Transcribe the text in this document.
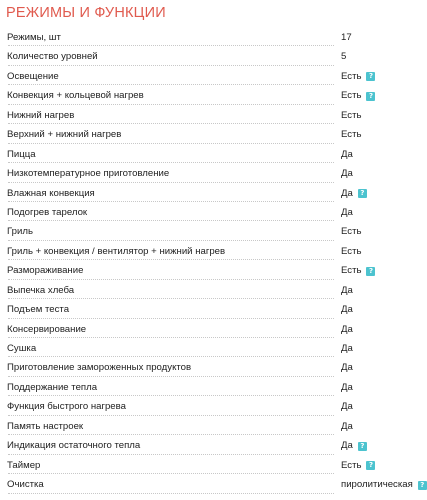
РЕЖИМЫ И ФУНКЦИИ
Режимы, шт	17
Количество уровней	5
Освещение	Есть	?
Конвекция + кольцевой нагрев	Есть	?
Нижний нагрев	Есть
Верхний + нижний нагрев	Есть
Пицца	Да
Низкотемпературное приготовление	Да
Влажная конвекция	Да	?
Подогрев тарелок	Да
Гриль	Есть
Гриль + конвекция / вентилятор + нижний нагрев	Есть
Размораживание	Есть	?
Выпечка хлеба	Да
Подъем теста	Да
Консервирование	Да
Сушка	Да
Приготовление замороженных продуктов	Да
Поддержание тепла	Да
Функция быстрого нагрева	Да
Память настроек	Да
Индикация остаточного тепла	Да	?
Таймер	Есть	?
Очистка	пиролитическая	?
